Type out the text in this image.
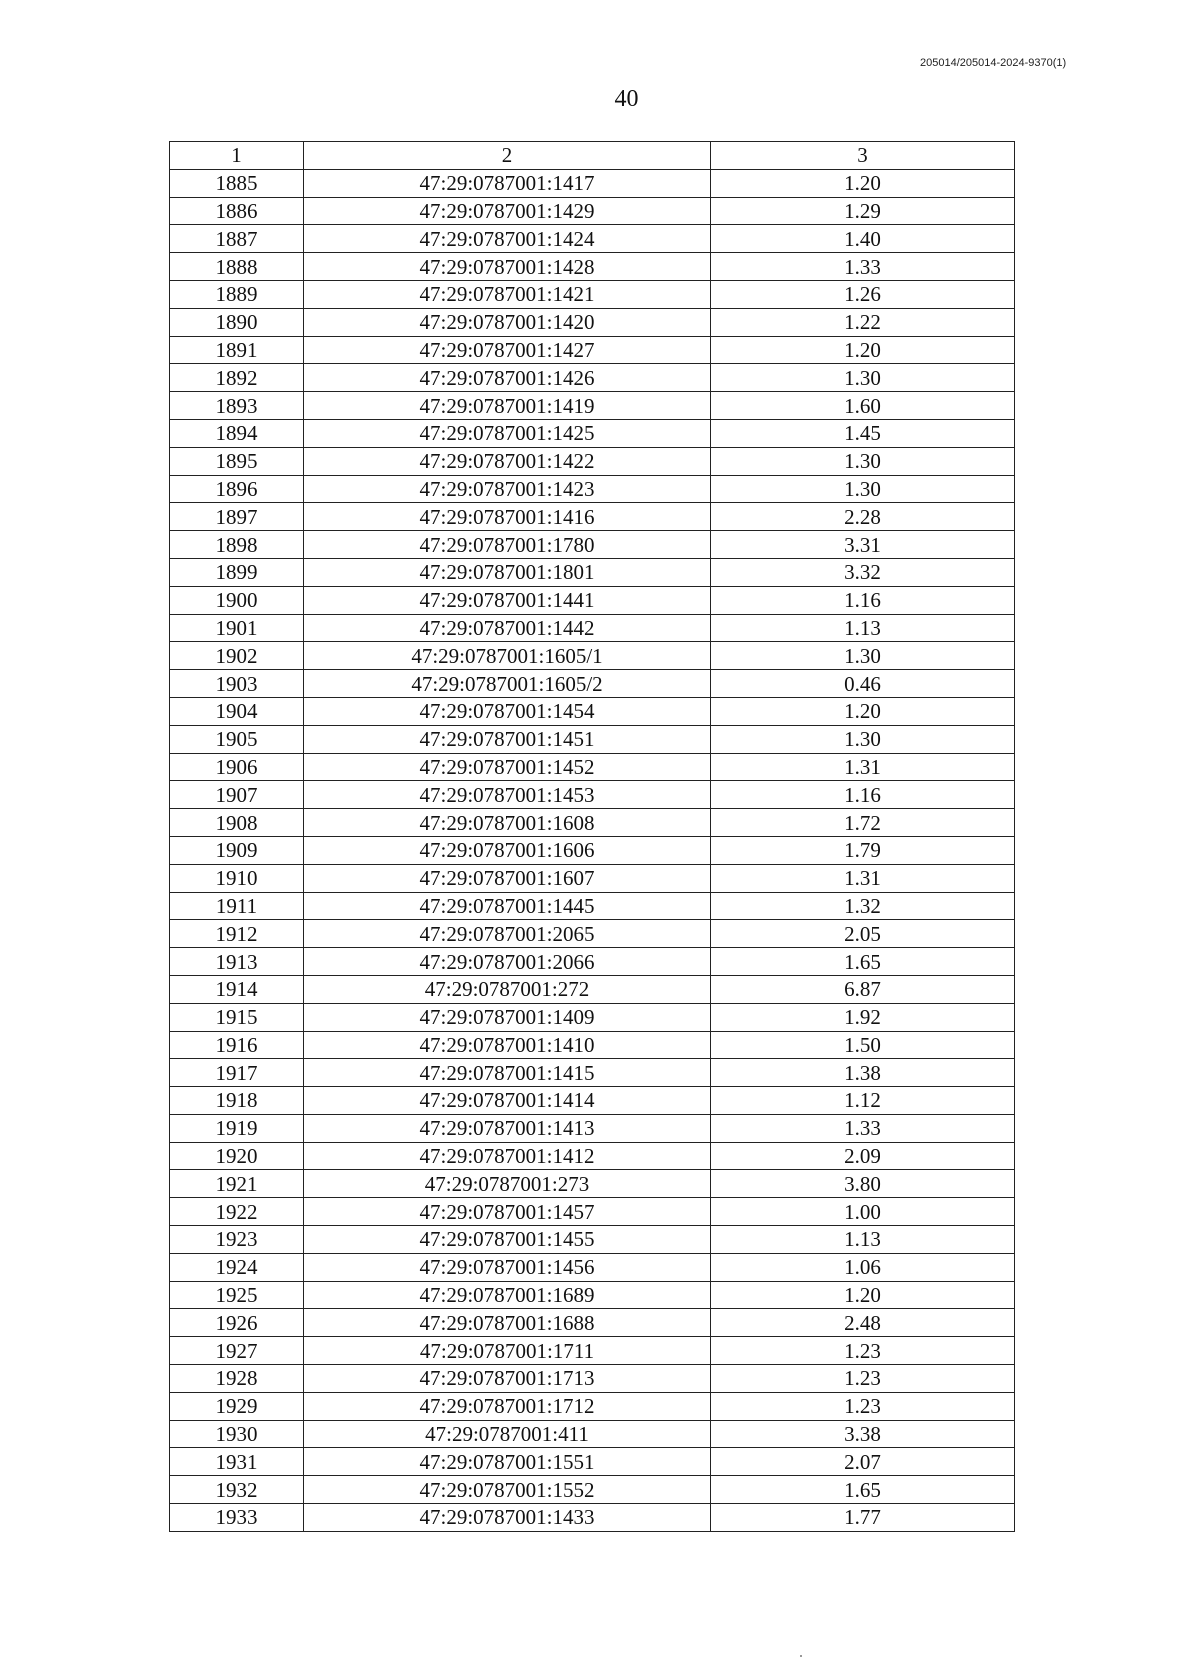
205014/205014-2024-9370(1)
40
1	2	3
1885	47:29:0787001:1417	1.20
1886	47:29:0787001:1429	1.29
1887	47:29:0787001:1424	1.40
1888	47:29:0787001:1428	1.33
1889	47:29:0787001:1421	1.26
1890	47:29:0787001:1420	1.22
1891	47:29:0787001:1427	1.20
1892	47:29:0787001:1426	1.30
1893	47:29:0787001:1419	1.60
1894	47:29:0787001:1425	1.45
1895	47:29:0787001:1422	1.30
1896	47:29:0787001:1423	1.30
1897	47:29:0787001:1416	2.28
1898	47:29:0787001:1780	3.31
1899	47:29:0787001:1801	3.32
1900	47:29:0787001:1441	1.16
1901	47:29:0787001:1442	1.13
1902	47:29:0787001:1605/1	1.30
1903	47:29:0787001:1605/2	0.46
1904	47:29:0787001:1454	1.20
1905	47:29:0787001:1451	1.30
1906	47:29:0787001:1452	1.31
1907	47:29:0787001:1453	1.16
1908	47:29:0787001:1608	1.72
1909	47:29:0787001:1606	1.79
1910	47:29:0787001:1607	1.31
1911	47:29:0787001:1445	1.32
1912	47:29:0787001:2065	2.05
1913	47:29:0787001:2066	1.65
1914	47:29:0787001:272	6.87
1915	47:29:0787001:1409	1.92
1916	47:29:0787001:1410	1.50
1917	47:29:0787001:1415	1.38
1918	47:29:0787001:1414	1.12
1919	47:29:0787001:1413	1.33
1920	47:29:0787001:1412	2.09
1921	47:29:0787001:273	3.80
1922	47:29:0787001:1457	1.00
1923	47:29:0787001:1455	1.13
1924	47:29:0787001:1456	1.06
1925	47:29:0787001:1689	1.20
1926	47:29:0787001:1688	2.48
1927	47:29:0787001:1711	1.23
1928	47:29:0787001:1713	1.23
1929	47:29:0787001:1712	1.23
1930	47:29:0787001:411	3.38
1931	47:29:0787001:1551	2.07
1932	47:29:0787001:1552	1.65
1933	47:29:0787001:1433	1.77
